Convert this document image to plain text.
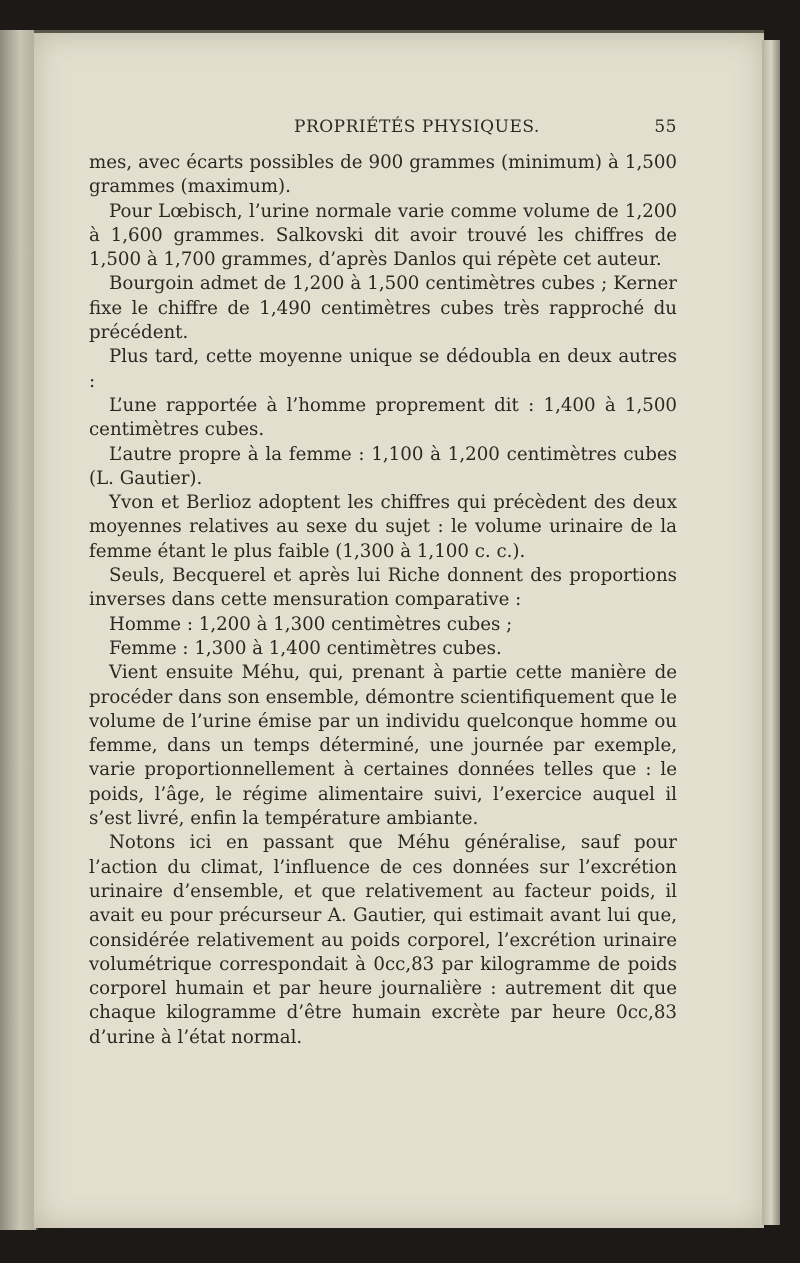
PROPRIÉTÉS PHYSIQUES.	55

mes, avec écarts possibles de 900 grammes (minimum) à 1,500 grammes (maximum).

Pour Lœbisch, l’urine normale varie comme volume de 1,200 à 1,600 grammes. Salkovski dit avoir trouvé les chiffres de 1,500 à 1,700 grammes, d’après Danlos qui répète cet auteur.

Bourgoin admet de 1,200 à 1,500 centimètres cubes ; Kerner fixe le chiffre de 1,490 centimètres cubes très rapproché du précédent.

Plus tard, cette moyenne unique se dédoubla en deux autres :

L’une rapportée à l’homme proprement dit : 1,400 à 1,500 centimètres cubes.

L’autre propre à la femme : 1,100 à 1,200 centimètres cubes (L. Gautier).

Yvon et Berlioz adoptent les chiffres qui précèdent des deux moyennes relatives au sexe du sujet : le volume urinaire de la femme étant le plus faible (1,300 à 1,100 c. c.).

Seuls, Becquerel et après lui Riche donnent des proportions inverses dans cette mensuration comparative :

Homme : 1,200 à 1,300 centimètres cubes ;

Femme : 1,300 à 1,400 centimètres cubes.

Vient ensuite Méhu, qui, prenant à partie cette manière de procéder dans son ensemble, démontre scientifiquement que le volume de l’urine émise par un individu quelconque homme ou femme, dans un temps déterminé, une journée par exemple, varie proportionnellement à certaines données telles que : le poids, l’âge, le régime alimentaire suivi, l’exercice auquel il s’est livré, enfin la température ambiante.

Notons ici en passant que Méhu généralise, sauf pour l’action du climat, l’influence de ces données sur l’excrétion urinaire d’ensemble, et que relativement au facteur poids, il avait eu pour précurseur A. Gautier, qui estimait avant lui que, considérée relativement au poids corporel, l’excrétion urinaire volumétrique correspondait à 0cc,83 par kilogramme de poids corporel humain et par heure journalière : autrement dit que chaque kilogramme d’être humain excrète par heure 0cc,83 d’urine à l’état normal.
